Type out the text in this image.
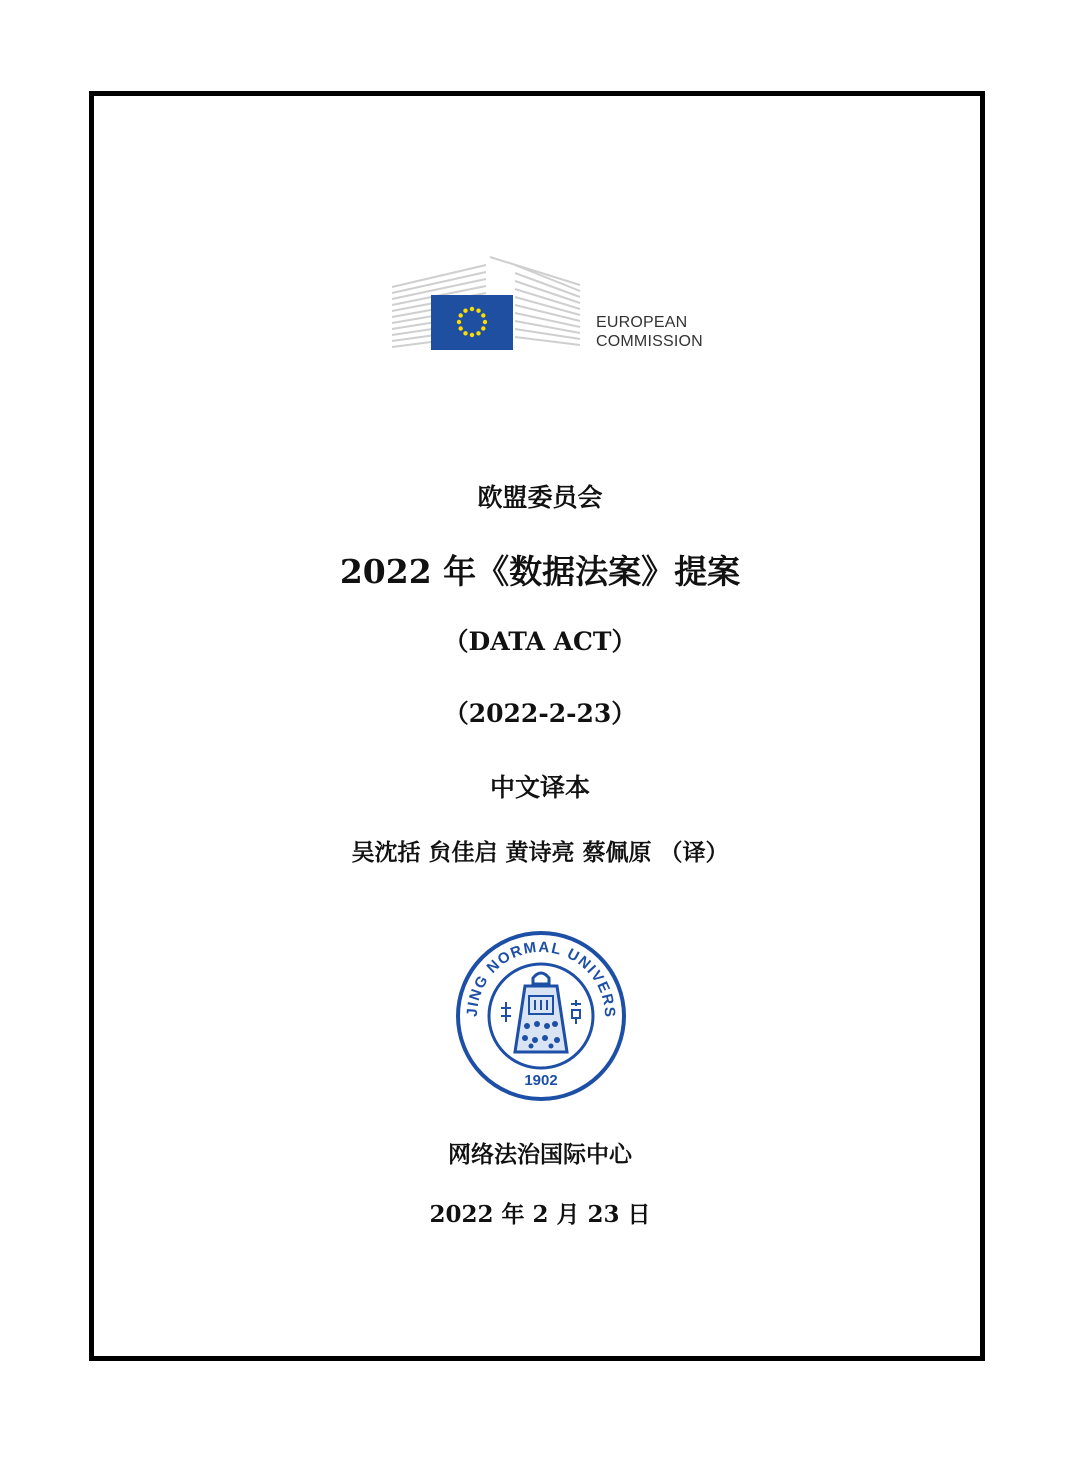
EUROPEAN
COMMISSION
欧盟委员会
2022 年《数据法案》提案
（DATA ACT）
（2022-2-23）
中文译本
吴沈括 贠佳启 黄诗亮 蔡佩原 （译）
JING NORMAL UNIVERS
1902
网络法治国际中心
2022 年 2 月 23 日
